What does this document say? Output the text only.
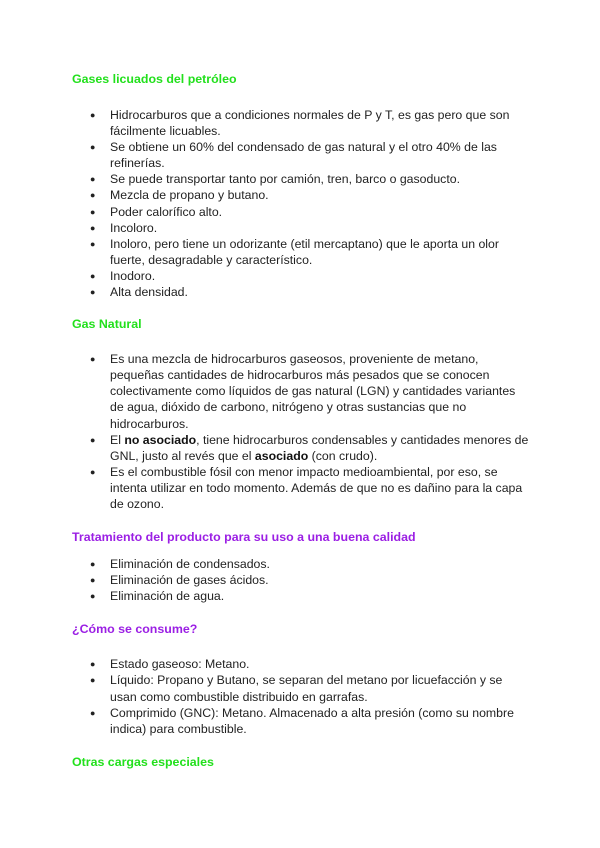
Gases licuados del petróleo
● Hidrocarburos que a condiciones normales de P y T, es gas pero que son fácilmente licuables.
● Se obtiene un 60% del condensado de gas natural y el otro 40% de las refinerías.
● Se puede transportar tanto por camión, tren, barco o gasoducto.
● Mezcla de propano y butano.
● Poder calorífico alto.
● Incoloro.
● Inoloro, pero tiene un odorizante (etil mercaptano) que le aporta un olor fuerte, desagradable y característico.
● Inodoro.
● Alta densidad.
Gas Natural
● Es una mezcla de hidrocarburos gaseosos, proveniente de metano, pequeñas cantidades de hidrocarburos más pesados que se conocen colectivamente como líquidos de gas natural (LGN) y cantidades variantes de agua, dióxido de carbono, nitrógeno y otras sustancias que no hidrocarburos.
● El no asociado, tiene hidrocarburos condensables y cantidades menores de GNL, justo al revés que el asociado (con crudo).
● Es el combustible fósil con menor impacto medioambiental, por eso, se intenta utilizar en todo momento. Además de que no es dañino para la capa de ozono.
Tratamiento del producto para su uso a una buena calidad
● Eliminación de condensados.
● Eliminación de gases ácidos.
● Eliminación de agua.
¿Cómo se consume?
● Estado gaseoso: Metano.
● Líquido: Propano y Butano, se separan del metano por licuefacción y se usan como combustible distribuido en garrafas.
● Comprimido (GNC): Metano. Almacenado a alta presión (como su nombre indica) para combustible.
Otras cargas especiales
